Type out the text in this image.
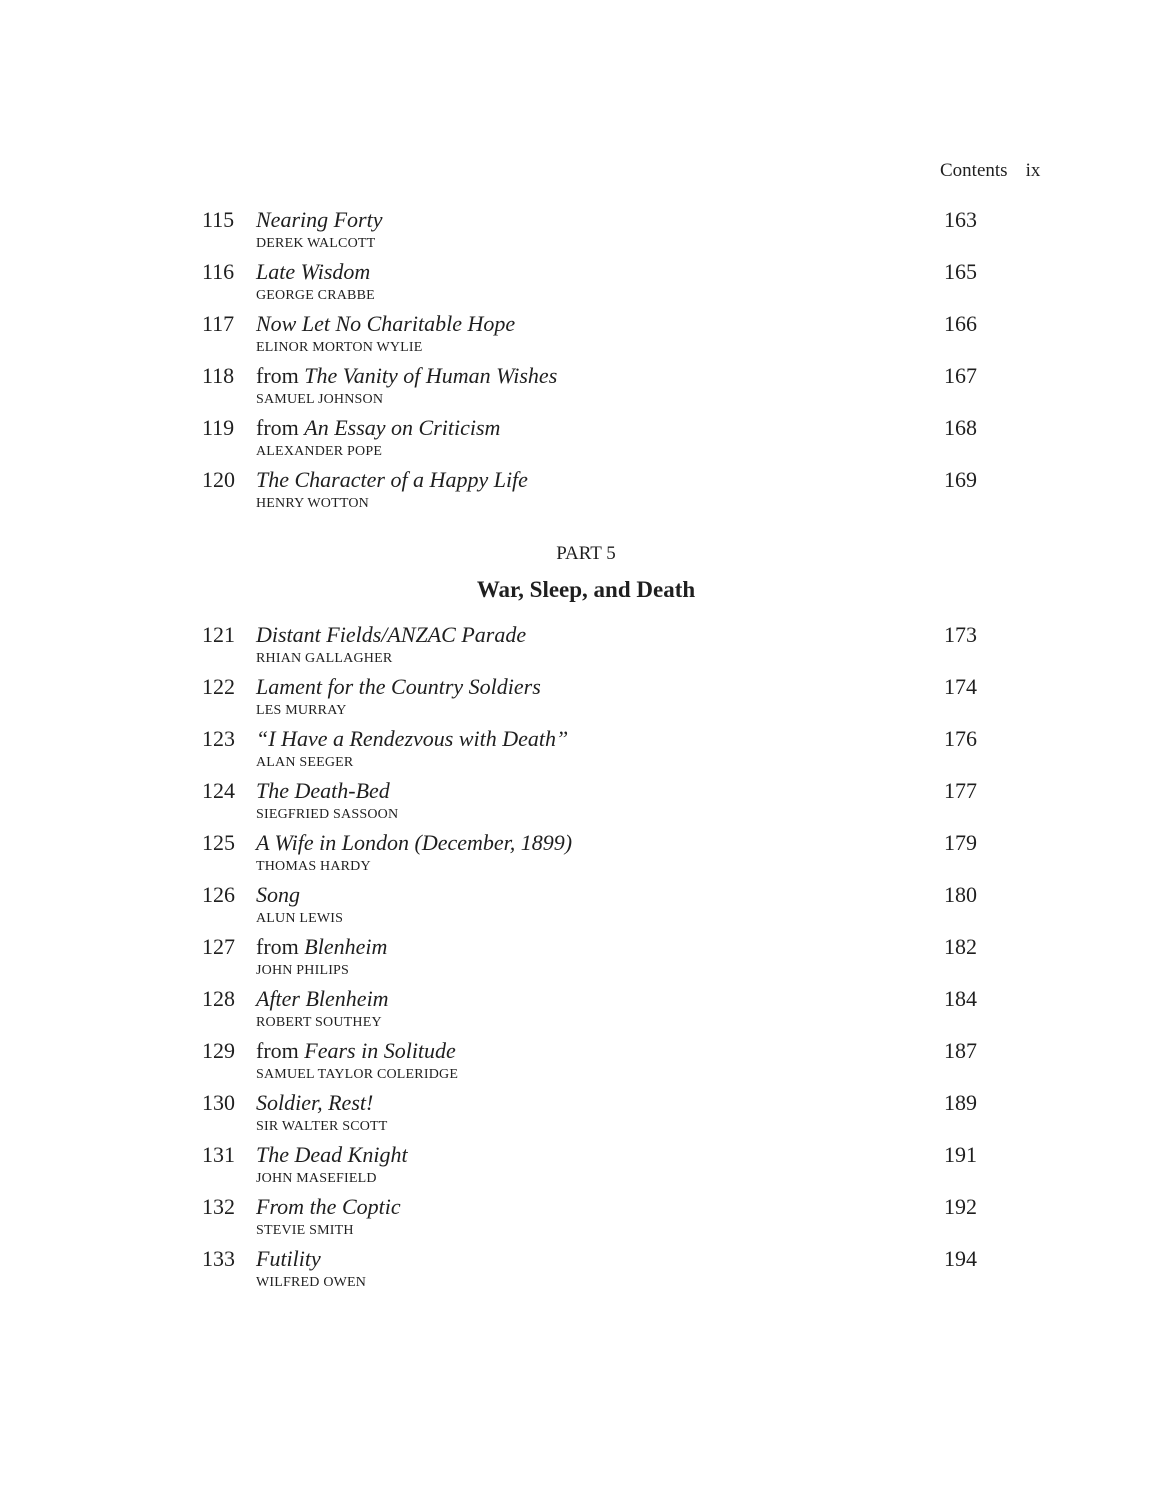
Contents ix
115 Nearing Forty	163
DEREK WALCOTT
116 Late Wisdom	165
GEORGE CRABBE
117 Now Let No Charitable Hope	166
ELINOR MORTON WYLIE
118 from The Vanity of Human Wishes	167
SAMUEL JOHNSON
119 from An Essay on Criticism	168
ALEXANDER POPE
120 The Character of a Happy Life	169
HENRY WOTTON
PART 5
War, Sleep, and Death
121 Distant Fields/ANZAC Parade	173
RHIAN GALLAGHER
122 Lament for the Country Soldiers	174
LES MURRAY
123 “I Have a Rendezvous with Death”	176
ALAN SEEGER
124 The Death-Bed	177
SIEGFRIED SASSOON
125 A Wife in London (December, 1899)	179
THOMAS HARDY
126 Song	180
ALUN LEWIS
127 from Blenheim	182
JOHN PHILIPS
128 After Blenheim	184
ROBERT SOUTHEY
129 from Fears in Solitude	187
SAMUEL TAYLOR COLERIDGE
130 Soldier, Rest!	189
SIR WALTER SCOTT
131 The Dead Knight	191
JOHN MASEFIELD
132 From the Coptic	192
STEVIE SMITH
133 Futility	194
WILFRED OWEN
